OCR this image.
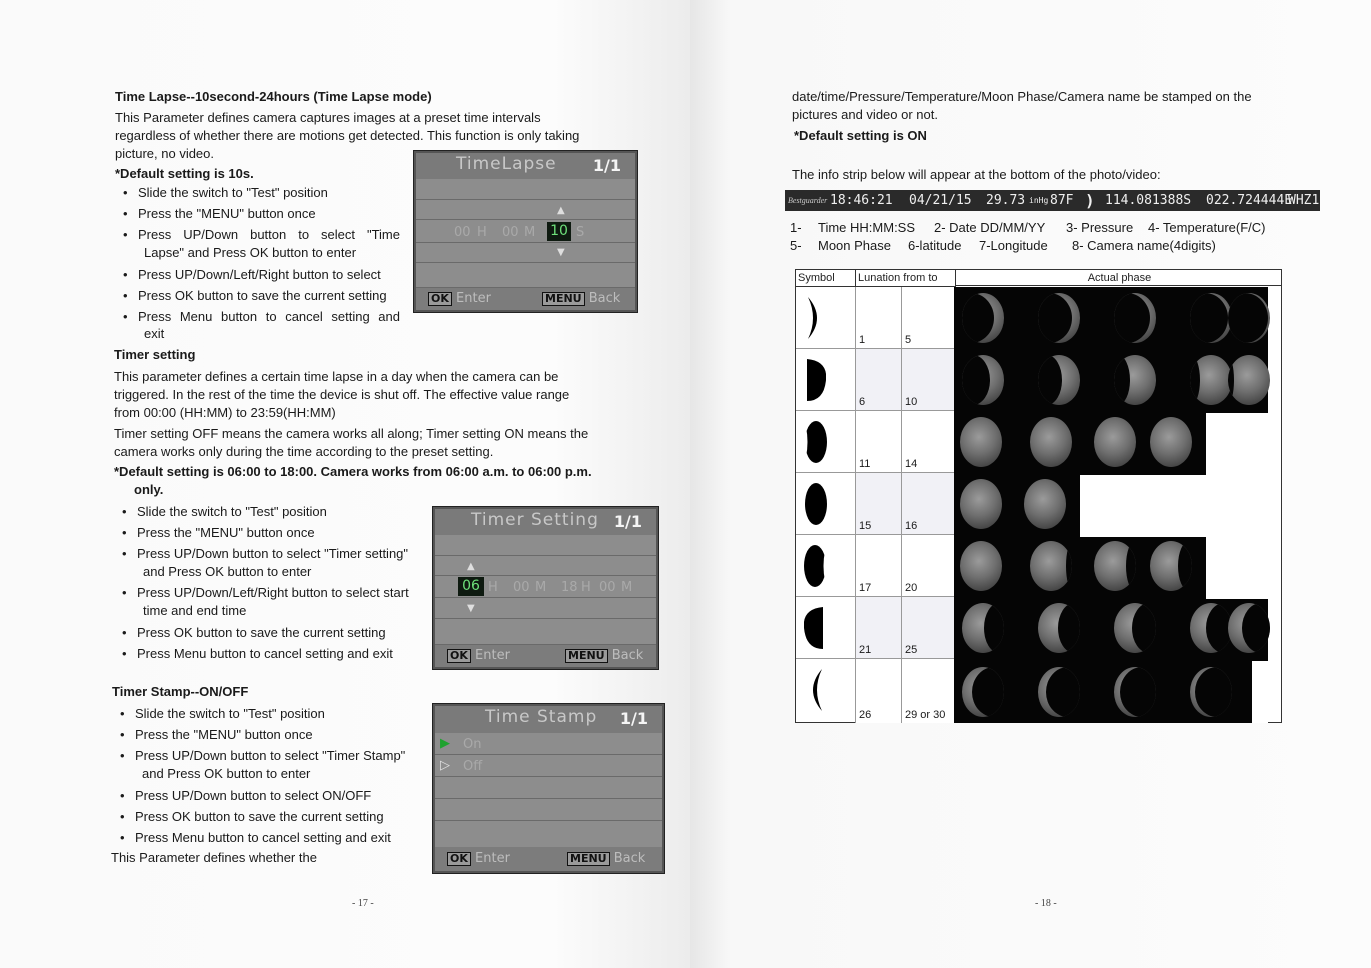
Time Lapse--10second-24hours (Time Lapse mode)
This Parameter defines camera captures images at a preset time intervals
regardless of whether there are motions get detected. This function is only taking
picture, no video.
*Default setting is 10s.
• Slide the switch to "Test" position
• Press the "MENU" button once
• Press UP/Down button to select "Time
Lapse" and Press OK button to enter
• Press UP/Down/Left/Right button to select
• Press OK button to save the current setting
• Press Menu button to cancel setting and
exit
TimeLapse 1/1
▲
00 H 00 M 10 S
▼
OK Enter	MENU Back
Timer setting
This parameter defines a certain time lapse in a day when the camera can be
triggered. In the rest of the time the device is shut off. The effective value range
from 00:00 (HH:MM) to 23:59(HH:MM)
Timer setting OFF means the camera works all along; Timer setting ON means the
camera works only during the time according to the preset setting.
*Default setting is 06:00 to 18:00. Camera works from 06:00 a.m. to 06:00 p.m.
only.
• Slide the switch to "Test" position
• Press the "MENU" button once
• Press UP/Down button to select "Timer setting"
and Press OK button to enter
• Press UP/Down/Left/Right button to select start
time and end time
• Press OK button to save the current setting
• Press Menu button to cancel setting and exit
Timer Setting 1/1
▲
06 H 00 M 18 H 00 M
▼
OK Enter	MENU Back
Timer Stamp--ON/OFF
• Slide the switch to "Test" position
• Press the "MENU" button once
• Press UP/Down button to select "Timer Stamp"
and Press OK button to enter
• Press UP/Down button to select ON/OFF
• Press OK button to save the current setting
• Press Menu button to cancel setting and exit
This Parameter defines whether the
Time Stamp 1/1
▶ On
▷ Off
OK Enter	MENU Back
- 17 -
date/time/Pressure/Temperature/Moon Phase/Camera name be stamped on the
pictures and video or not.
*Default setting is ON
The info strip below will appear at the bottom of the photo/video:
Bestguarder 18:46:21 04/21/15 29.73 inHg 87F ) 114.081388S 022.724444E
WHZ1
1- Time HH:MM:SS 2- Date DD/MM/YY 3- Pressure 4- Temperature(F/C)
5- Moon Phase 6-latitude 7-Longitude 8- Camera name(4digits)
Symbol	Lunation from to	Actual phase
1	5
6	10
11	14
15	16
17	20
21	25
26	29 or 30
- 18 -
